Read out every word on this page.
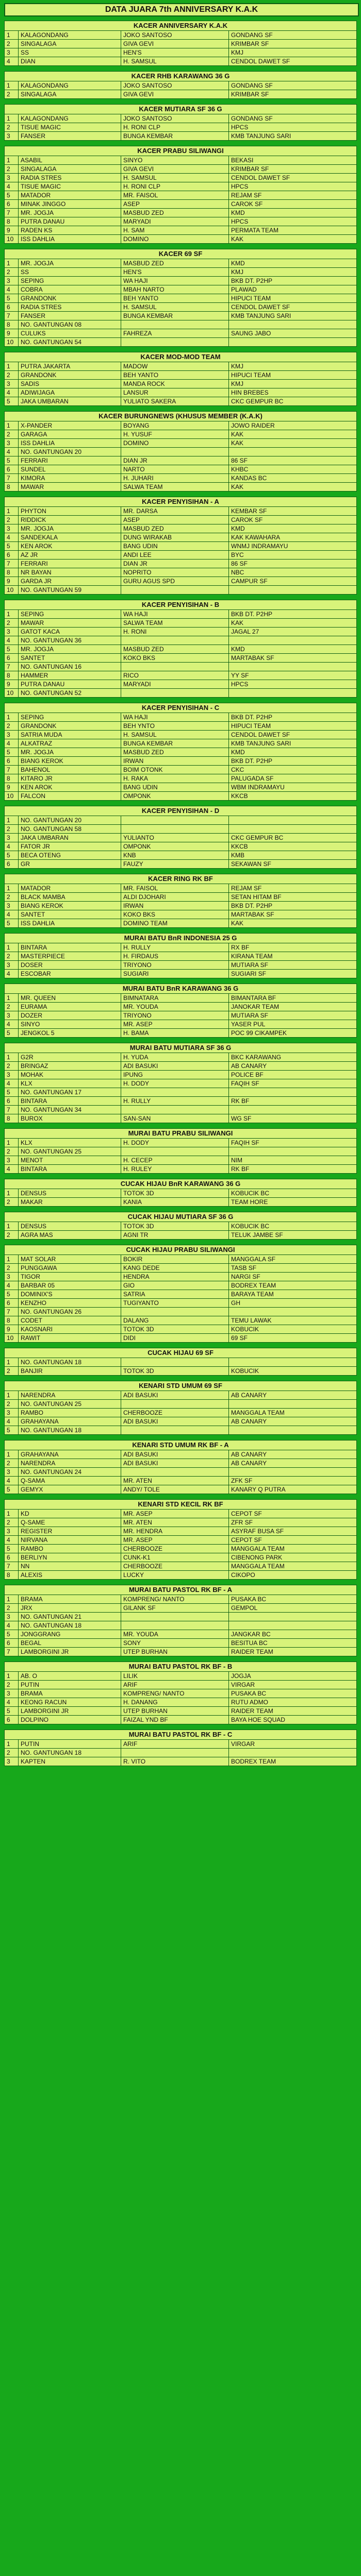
DATA JUARA 7th ANNIVERSARY K.A.K
KACER ANNIVERSARY K.A.K
1	KALAGONDANG	JOKO SANTOSO	GONDANG SF
2	SINGALAGA	GIVA GEVI	KRIMBAR SF
3	SS	HEN'S	KMJ
4	DIAN	H. SAMSUL	CENDOL DAWET SF
KACER RHB KARAWANG 36 G
1	KALAGONDANG	JOKO SANTOSO	GONDANG SF
2	SINGALAGA	GIVA GEVI	KRIMBAR SF
KACER MUTIARA SF 36 G
1	KALAGONDANG	JOKO SANTOSO	GONDANG SF
2	TISUE MAGIC	H. RONI CLP	HPCS
3	FANSER	BUNGA KEMBAR	KMB TANJUNG SARI
KACER PRABU SILIWANGI
1	ASABIL	SINYO	BEKASI
2	SINGALAGA	GIVA GEVI	KRIMBAR SF
3	RADIA STRES	H. SAMSUL	CENDOL DAWET SF
4	TISUE MAGIC	H. RONI CLP	HPCS
5	MATADOR	MR. FAISOL	REJAM SF
6	MINAK JINGGO	ASEP	CAROK SF
7	MR. JOGJA	MASBUD ZED	KMD
8	PUTRA DANAU	MARYADI	HPCS
9	RADEN KS	H. SAM	PERMATA TEAM
10	ISS DAHLIA	DOMINO	KAK
KACER 69 SF
1	MR. JOGJA	MASBUD ZED	KMD
2	SS	HEN'S	KMJ
3	SEPING	WA HAJI	BKB DT. P2HP
4	COBRA	MBAH NARTO	PLAWAD
5	GRANDONK	BEH YANTO	HIPUCI TEAM
6	RADIA STRES	H. SAMSUL	CENDOL DAWET SF
7	FANSER	BUNGA KEMBAR	KMB TANJUNG SARI
8	NO. GANTUNGAN 08		
9	CULUKS	FAHREZA	SAUNG JABO
10	NO. GANTUNGAN 54		
KACER MOD-MOD TEAM
1	PUTRA JAKARTA	MADOW	KMJ
2	GRANDONK	BEH YANTO	HIPUCI TEAM
3	SADIS	MANDA ROCK	KMJ
4	ADIWIJAGA	LANSUR	HIN BREBES
5	JAKA UMBARAN	YULIATO SAKERA	CKC GEMPUR BC
KACER BURUNGNEWS (KHUSUS MEMBER (K.A.K)
1	X-PANDER	BOYANG	JOWO RAIDER
2	GARAGA	H. YUSUF	KAK
3	ISS DAHLIA	DOMINO	KAK
4	NO. GANTUNGAN 20		
5	FERRARI	DIAN JR	86 SF
6	SUNDEL	NARTO	KHBC
7	KIMORA	H. JUHARI	KANDAS BC
8	MAWAR	SALWA TEAM	KAK
KACER PENYISIHAN - A
1	PHYTON	MR. DARSA	KEMBAR SF
2	RIDDICK	ASEP	CAROK SF
3	MR. JOGJA	MASBUD ZED	KMD
4	SANDEKALA	DUNG WIRAKAB	KAK KAWAHARA
5	KEN AROK	BANG UDIN	WNMJ INDRAMAYU
6	AZ JR	ANDI LEE	BYC
7	FERRARI	DIAN JR	86 SF
8	NR BAYAN	NOPRITO	NBC
9	GARDA JR	GURU AGUS SPD	CAMPUR SF
10	NO. GANTUNGAN 59		
KACER PENYISIHAN - B
1	SEPING	WA HAJI	BKB DT. P2HP
2	MAWAR	SALWA TEAM	KAK
3	GATOT KACA	H. RONI	JAGAL 27
4	NO. GANTUNGAN 36		
5	MR. JOGJA	MASBUD ZED	KMD
6	SANTET	KOKO BKS	MARTABAK SF
7	NO. GANTUNGAN 16		
8	HAMMER	RICO	YY SF
9	PUTRA DANAU	MARYADI	HPCS
10	NO. GANTUNGAN 52		
KACER PENYISIHAN - C
1	SEPING	WA HAJI	BKB DT. P2HP
2	GRANDONK	BEH YNTO	HIPUCI TEAM
3	SATRIA MUDA	H. SAMSUL	CENDOL DAWET SF
4	ALKATRAZ	BUNGA KEMBAR	KMB TANJUNG SARI
5	MR. JOGJA	MASBUD ZED	KMD
6	BIANG KEROK	IRWAN	BKB DT. P2HP
7	BAHENOL	BOIM OTONK	CKC
8	KITARO JR	H. RAKA	PALUGADA SF
9	KEN AROK	BANG UDIN	WBM INDRAMAYU
10	FALCON	OMPONK	KKCB
KACER PENYISIHAN - D
1	NO. GANTUNGAN 20		
2	NO. GANTUNGAN 58		
3	JAKA UMBARAN	YULIANTO	CKC GEMPUR BC
4	FATOR JR	OMPONK	KKCB
5	BECA OTENG	KNB	KMB
6	GR	FAUZY	SEKAWAN SF
KACER RING RK BF
1	MATADOR	MR. FAISOL	REJAM SF
2	BLACK MAMBA	ALDI DJOHARI	SETAN HITAM BF
3	BIANG KEROK	IRWAN	BKB DT. P2HP
4	SANTET	KOKO BKS	MARTABAK SF
5	ISS DAHLIA	DOMINO TEAM	KAK
MURAI BATU BnR INDONESIA 25 G
1	BINTARA	H. RULLY	RX BF
2	MASTERPIECE	H. FIRDAUS	KIRANA TEAM
3	DOSER	TRIYONO	MUTIARA SF
4	ESCOBAR	SUGIARI	SUGIARI SF
MURAI BATU BnR KARAWANG 36 G
1	MR. QUEEN	BIMNATARA	BIMANTARA BF
2	EURAMA	MR. YOUDA	JANOKAR TEAM
3	DOZER	TRIYONO	MUTIARA SF
4	SINYO	MR. ASEP	YASER PUL
5	JENGKOL 5	H. BAMA	POC 99 CIKAMPEK
MURAI BATU MUTIARA SF 36 G
1	G2R	H. YUDA	BKC KARAWANG
2	BRINGAZ	ADI BASUKI	AB CANARY
3	MOHAK	IPUNG	POLICE BF
4	KLX	H. DODY	FAQIH SF
5	NO. GANTUNGAN 17		
6	BINTARA	H. RULLY	RK BF
7	NO. GANTUNGAN 34		
8	BUROX	SAN-SAN	WG SF
MURAI BATU PRABU SILIWANGI
1	KLX	H. DODY	FAQIH SF
2	NO. GANTUNGAN 25		
3	MENOT	H. CECEP	NIM
4	BINTARA	H. RULEY	RK BF
CUCAK HIJAU BnR KARAWANG 36 G
1	DENSUS	TOTOK 3D	KOBUCIK BC
2	MAKAR	KANIA	TEAM HORE
CUCAK HIJAU MUTIARA SF 36 G
1	DENSUS	TOTOK 3D	KOBUCIK BC
2	AGRA MAS	AGNI TR	TELUK JAMBE SF
CUCAK HIJAU PRABU SILIWANGI
1	MAT SOLAR	BOKIR	MANGGALA SF
2	PUNGGAWA	KANG DEDE	TASB SF
3	TIGOR	HENDRA	NARGI SF
4	BARBAR 05	GIO	BODREX TEAM
5	DOMINIX'S	SATRIA	BARAYA TEAM
6	KENZHO	TUGIYANTO	GH
7	NO. GANTUNGAN 26		
8	CODET	DALANG	TEMU LAWAK
9	KAOSNARI	TOTOK 3D	KOBUCIK
10	RAWIT	DIDI	69 SF
CUCAK HIJAU 69 SF
1	NO. GANTUNGAN 18		
2	BANJIR	TOTOK 3D	KOBUCIK
KENARI STD UMUM 69 SF
1	NARENDRA	ADI BASUKI	AB CANARY
2	NO. GANTUNGAN 25		
3	RAMBO	CHERBOOZE	MANGGALA TEAM
4	GRAHAYANA	ADI BASUKI	AB CANARY
5	NO. GANTUNGAN 18		
KENARI STD UMUM RK BF - A
1	GRAHAYANA	ADI BASUKI	AB CANARY
2	NARENDRA	ADI BASUKI	AB CANARY
3	NO. GANTUNGAN 24		
4	Q-SAMA	MR. ATEN	ZFK SF
5	GEMYX	ANDY/ TOLE	KANARY Q PUTRA
KENARI STD KECIL RK BF
1	KD	MR. ASEP	CEPOT SF
2	Q-SAME	MR. ATEN	ZFR SF
3	REGISTER	MR. HENDRA	ASYRAF BUSA SF
4	NIRVANA	MR. ASEP	CEPOT SF
5	RAMBO	CHERBOOZE	MANGGALA TEAM
6	BERLIYN	CUNK-K1	CIBENONG PARK
7	NN	CHERBOOZE	MANGGALA TEAM
8	ALEXIS	LUCKY	CIKOPO
MURAI BATU PASTOL RK BF - A
1	BRAMA	KOMPRENG/ NANTO	PUSAKA BC
2	JRX	GILANK SF	GEMPOL
3	NO. GANTUNGAN 21		
4	NO. GANTUNGAN 18		
5	JONGGRANG	MR. YOUDA	JANGKAR BC
6	BEGAL	SONY	BESITUA BC
7	LAMBORGINI JR	UTEP BURHAN	RAIDER TEAM
MURAI BATU PASTOL RK BF - B
1	AB. O	LILIK	JOGJA
2	PUTIN	ARIF	VIRGAR
3	BRAMA	KOMPRENG/ NANTO	PUSAKA BC
4	KEONG RACUN	H. DANANG	RUTU ADMO
5	LAMBORGINI JR	UTEP BURHAN	RAIDER TEAM
6	DOLPINO	FAIZAL YND BF	BAYA HOE SQUAD
MURAI BATU PASTOL RK BF - C
1	PUTIN	ARIF	VIRGAR
2	NO. GANTUNGAN 18		
3	KAPTEN	R. VITO	BODREX TEAM
